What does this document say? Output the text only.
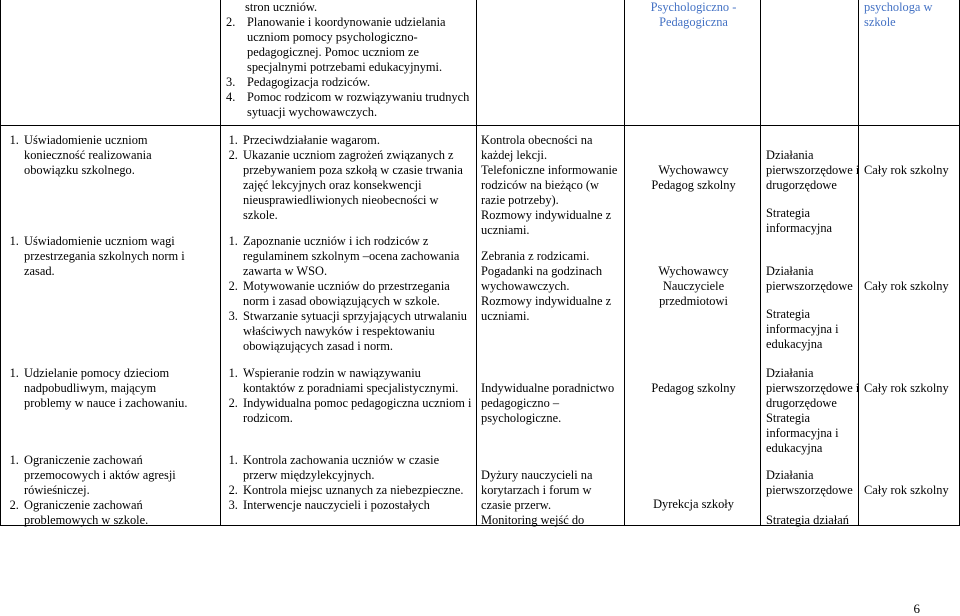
stron uczniów.
2. Planowanie i koordynowanie udzielania uczniom pomocy psychologiczno-pedagogicznej. Pomoc uczniom ze specjalnymi potrzebami edukacyjnymi.
3. Pedagogizacja rodziców.
4. Pomoc rodzicom w rozwiązywaniu trudnych sytuacji wychowawczych.
Psychologiczno -
Pedagogiczna
psychologa w
szkole
1. Uświadomienie uczniom konieczność realizowania obowiązku szkolnego.
1. Przeciwdziałanie wagarom.
2. Ukazanie uczniom zagrożeń związanych z przebywaniem poza szkołą w czasie trwania zajęć lekcyjnych oraz konsekwencji nieusprawiedliwionych nieobecności w szkole.
Kontrola obecności na każdej lekcji.
Telefoniczne informowanie rodziców na bieżąco (w razie potrzeby).
Rozmowy indywidualne z uczniami.
Wychowawcy
Pedagog szkolny
Działania pierwszorzędowe i drugorzędowe
Strategia informacyjna
Cały rok szkolny
1. Uświadomienie uczniom wagi przestrzegania szkolnych norm i zasad.
1. Zapoznanie uczniów i ich rodziców z regulaminem szkolnym –ocena zachowania zawarta w WSO.
2. Motywowanie uczniów do przestrzegania norm i zasad obowiązujących w szkole.
3. Stwarzanie sytuacji sprzyjających utrwalaniu właściwych nawyków i respektowaniu obowiązujących zasad i norm.
Zebrania z rodzicami.
Pogadanki na godzinach wychowawczych.
Rozmowy indywidualne z uczniami.
Wychowawcy
Nauczyciele przedmiotowi
Działania pierwszorzędowe
Strategia informacyjna i edukacyjna
Cały rok szkolny
1. Udzielanie pomocy dzieciom nadpobudliwym, mającym problemy w nauce i zachowaniu.
1. Wspieranie rodzin w nawiązywaniu kontaktów z poradniami specjalistycznymi.
2. Indywidualna pomoc pedagogiczna uczniom i rodzicom.
Indywidualne poradnictwo pedagogiczno – psychologiczne.
Pedagog szkolny
Działania pierwszorzędowe i drugorzędowe Strategia informacyjna i edukacyjna
Cały rok szkolny
1. Ograniczenie zachowań przemocowych i aktów agresji rówieśniczej.
2. Ograniczenie zachowań problemowych w szkole.
1. Kontrola zachowania uczniów w czasie przerw międzylekcyjnych.
2. Kontrola miejsc uznanych za niebezpieczne.
3. Interwencje nauczycieli i pozostałych
Dyżury nauczycieli na korytarzach i forum w czasie przerw.
Monitoring wejść do
Dyrekcja szkoły
Działania pierwszorzędowe
Strategia działań
Cały rok szkolny
6
